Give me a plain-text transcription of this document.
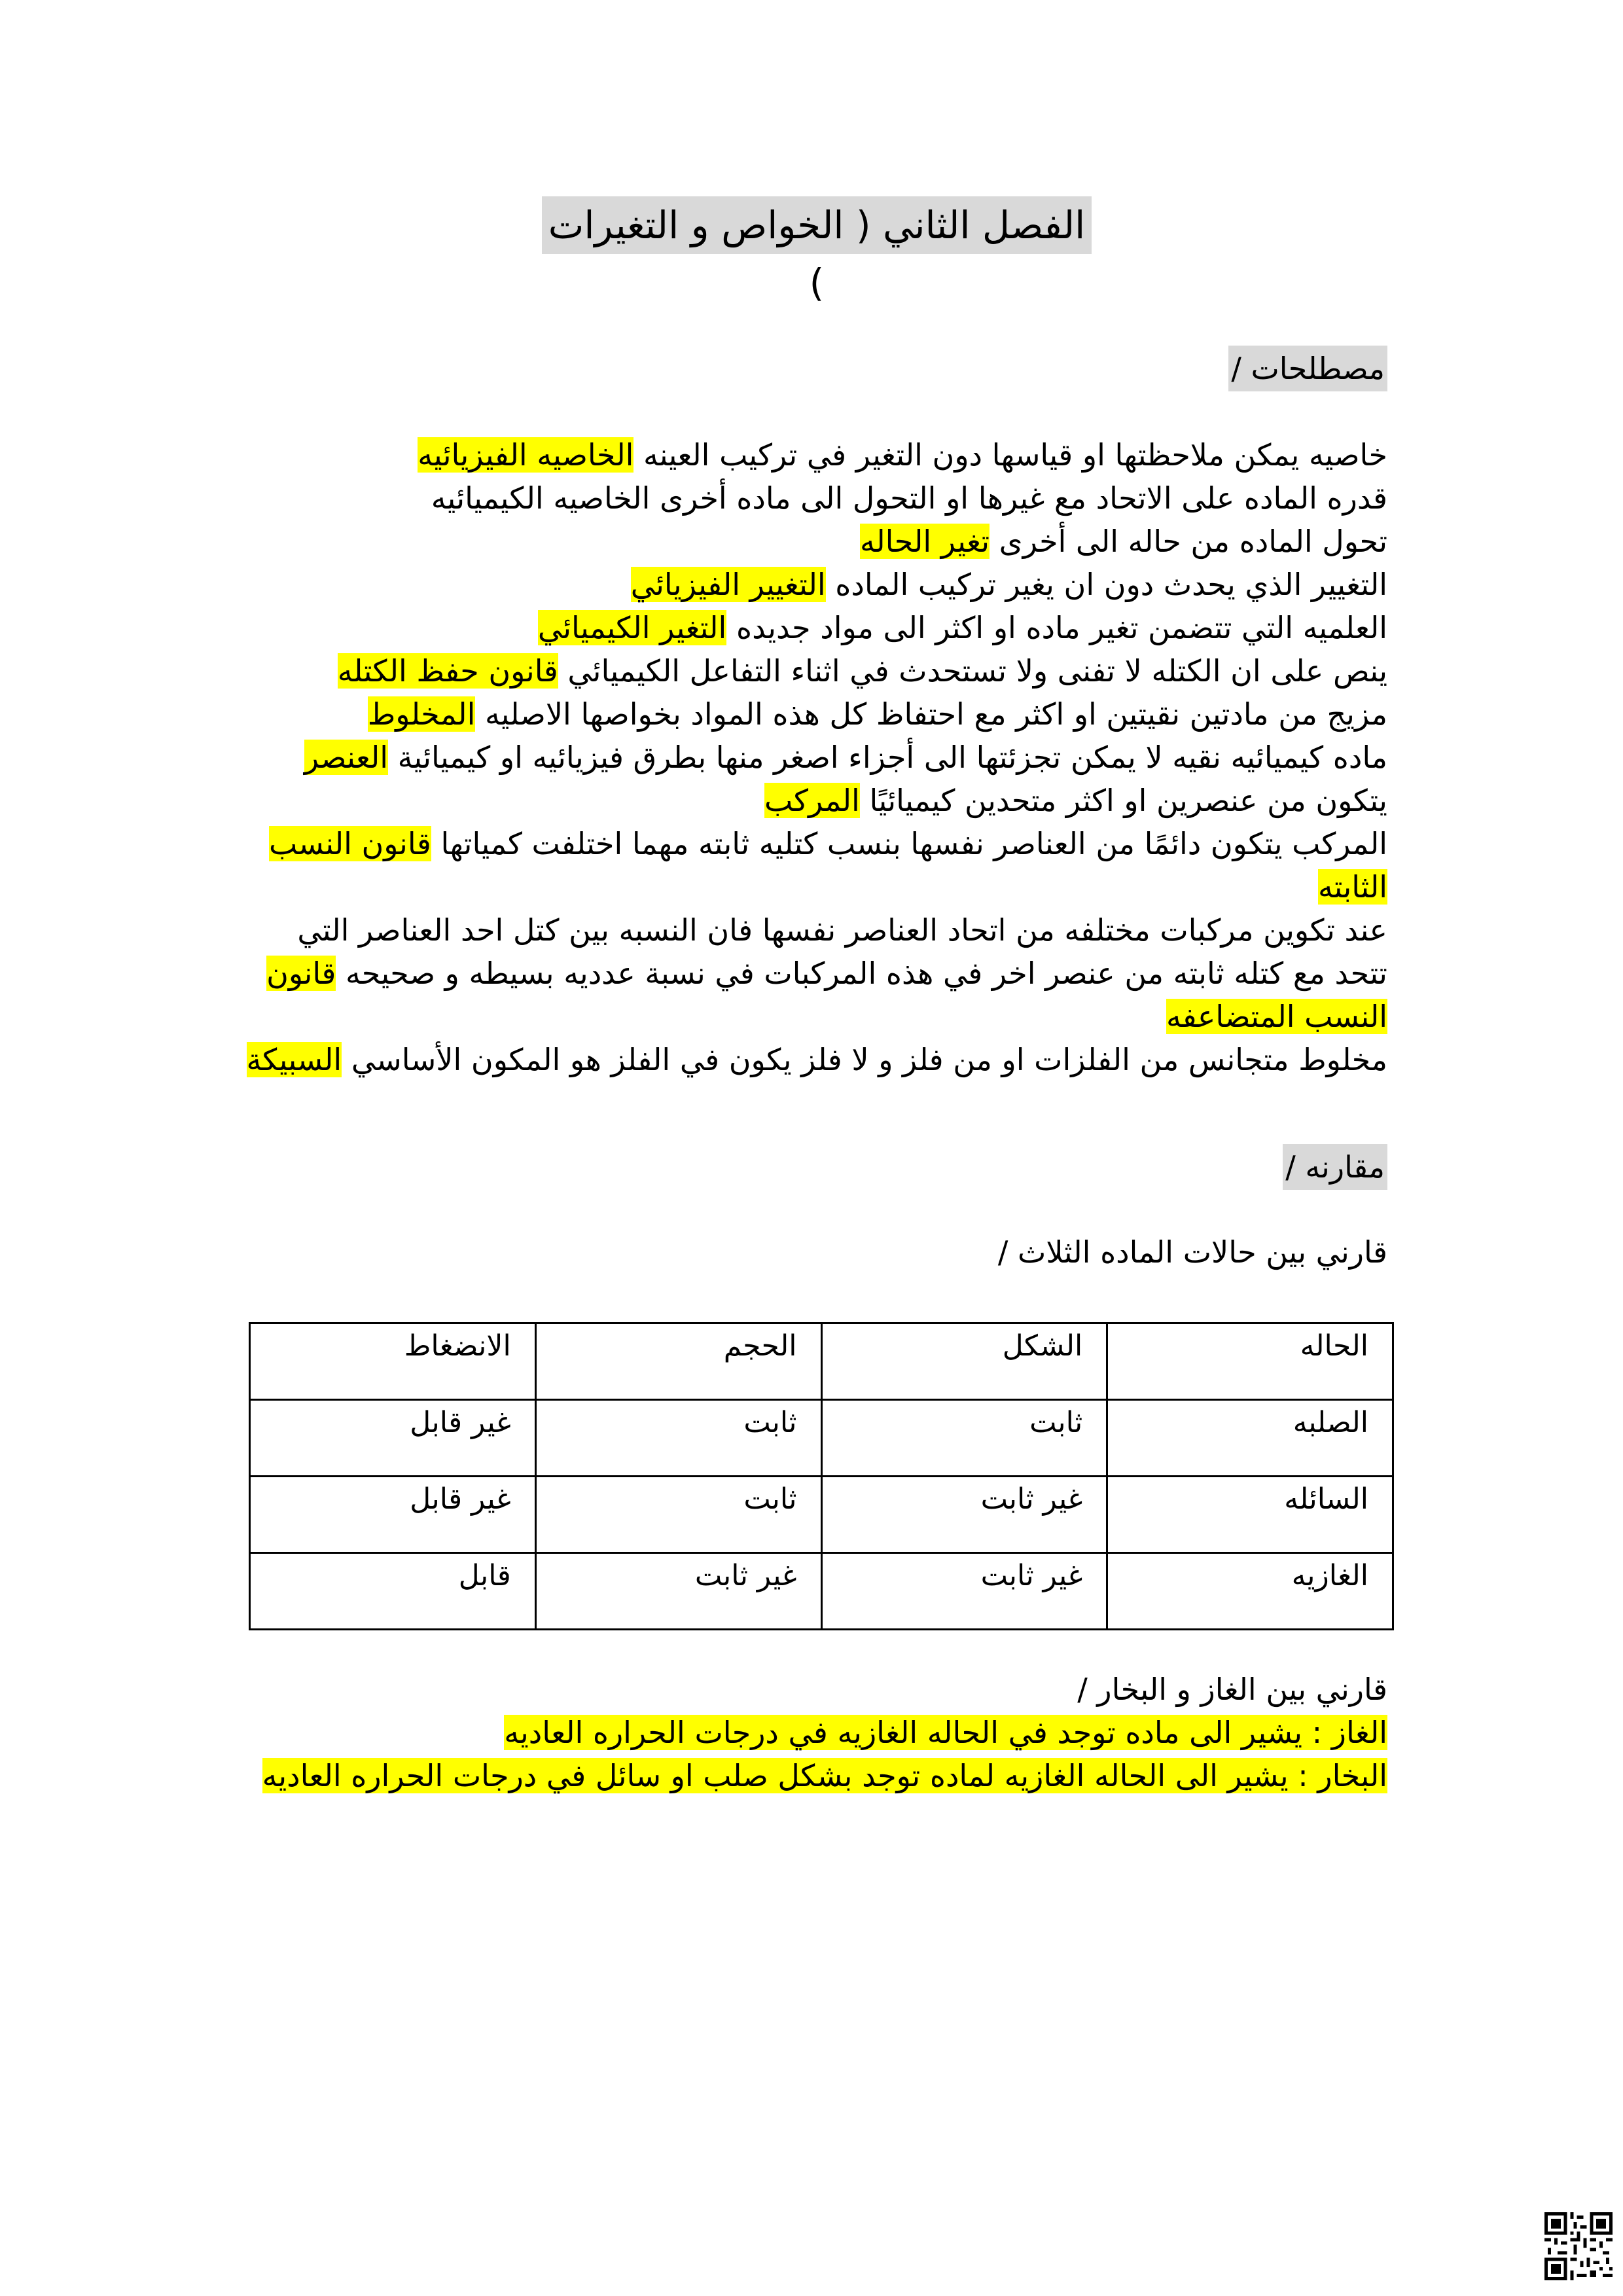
الفصل الثاني ( الخواص و التغيرات )
مصطلحات /
خاصيه يمكن ملاحظتها او قياسها دون التغير في تركيب العينه الخاصيه الفيزيائيه
قدره الماده على الاتحاد مع غيرها او التحول الى ماده أخرى الخاصيه الكيميائيه
تحول الماده من حاله الى أخرى تغير الحاله
التغيير الذي يحدث دون ان يغير تركيب الماده التغيير الفيزيائي
العلميه التي تتضمن تغير ماده او اكثر الى مواد جديده التغير الكيميائي
ينص على ان الكتله لا تفنى ولا تستحدث في اثناء التفاعل الكيميائي قانون حفظ الكتله
مزيج من مادتين نقيتين او اكثر مع احتفاظ كل هذه المواد بخواصها الاصليه المخلوط
ماده كيميائيه نقيه لا يمكن تجزئتها الى أجزاء اصغر منها بطرق فيزيائيه او كيميائية العنصر
يتكون من عنصرين او اكثر متحدين كيميائيًا المركب
المركب يتكون دائمًا من العناصر نفسها بنسب كتليه ثابته مهما اختلفت كمياتها قانون النسب الثابته
عند تكوين مركبات مختلفه من اتحاد العناصر نفسها فان النسبه بين كتل احد العناصر التي تتحد مع كتله ثابته من عنصر اخر في هذه المركبات في نسبة عدديه بسيطه و صحيحه قانون النسب المتضاعفه
مخلوط متجانس من الفلزات او من فلز و لا فلز يكون في الفلز هو المكون الأساسي السبيكة
مقارنه /
قارني بين حالات الماده الثلاث /
الحاله	الشكل	الحجم	الانضغاط
الصلبه	ثابت	ثابت	غير قابل
السائله	غير ثابت	ثابت	غير قابل
الغازيه	غير ثابت	غير ثابت	قابل
قارني بين الغاز و البخار /
الغاز : يشير الى ماده توجد في الحاله الغازيه في درجات الحراره العاديه
البخار : يشير الى الحاله الغازيه لماده توجد بشكل صلب او سائل في درجات الحراره العاديه
